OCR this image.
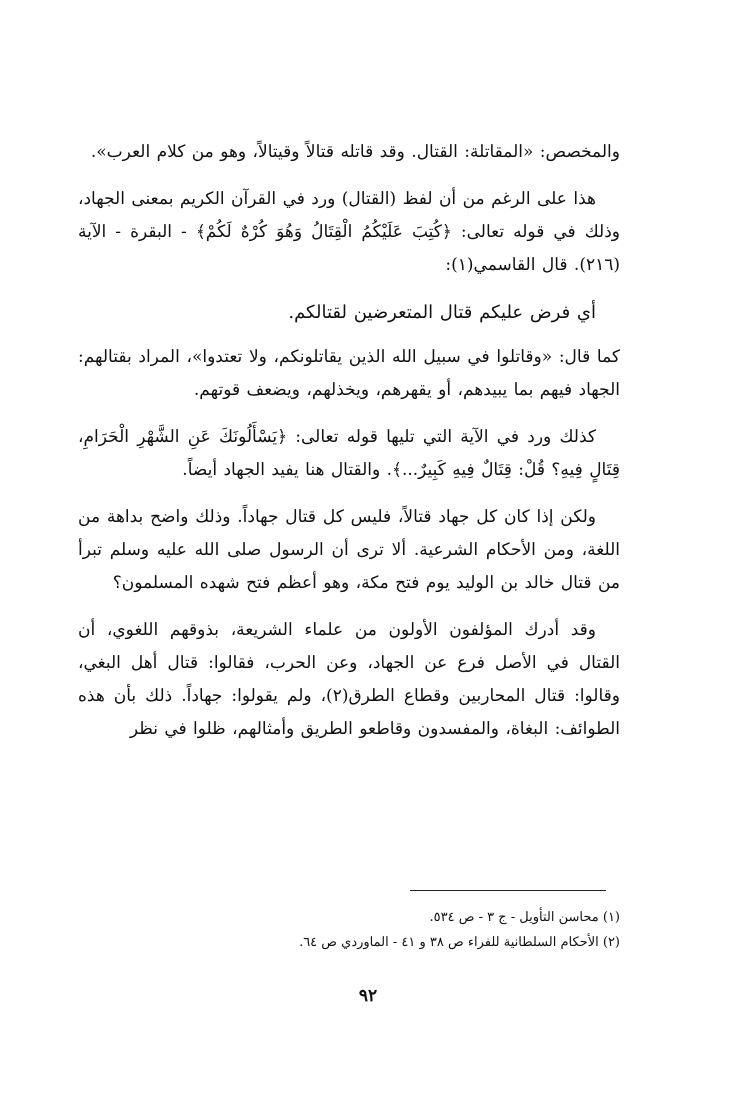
والمخصص: «المقاتلة: القتال. وقد قاتله قتالاً وقيتالاً، وهو من كلام العرب».

هذا على الرغم من أن لفظ (القتال) ورد في القرآن الكريم بمعنى الجهاد، وذلك في قوله تعالى: ﴿كُتِبَ عَلَيْكُمُ الْقِتَالُ وَهُوَ كُرْهٌ لَكُمْ﴾ - البقرة - الآية (٢١٦). قال القاسمي(١):

أي فرض عليكم قتال المتعرضين لقتالكم.

كما قال: «وقاتلوا في سبيل الله الذين يقاتلونكم، ولا تعتدوا»، المراد بقتالهم: الجهاد فيهم بما يبيدهم، أو يقهرهم، ويخذلهم، ويضعف قوتهم.

كذلك ورد في الآية التي تليها قوله تعالى: ﴿يَسْأَلُونَكَ عَنِ الشَّهْرِ الْحَرَامِ، قِتَالٍ فِيهِ؟ قُلْ: قِتَالٌ فِيهِ كَبِيرٌ...﴾. والقتال هنا يفيد الجهاد أيضاً.

ولكن إذا كان كل جهاد قتالاً، فليس كل قتال جهاداً. وذلك واضح بداهة من اللغة، ومن الأحكام الشرعية. ألا ترى أن الرسول صلى الله عليه وسلم تبرأ من قتال خالد بن الوليد يوم فتح مكة، وهو أعظم فتح شهده المسلمون؟

وقد أدرك المؤلفون الأولون من علماء الشريعة، بذوقهم اللغوي، أن القتال في الأصل فرع عن الجهاد، وعن الحرب، فقالوا: قتال أهل البغي، وقالوا: قتال المحاربين وقطاع الطرق(٢)، ولم يقولوا: جهاداً. ذلك بأن هذه الطوائف: البغاة، والمفسدون وقاطعو الطريق وأمثالهم، ظلوا في نظر

(١) محاسن التأويل - ج ٣ - ص ٥٣٤.

(٢) الأحكام السلطانية للفراء ص ٣٨ و ٤١ - الماوردي ص ٦٤.

٩٢
